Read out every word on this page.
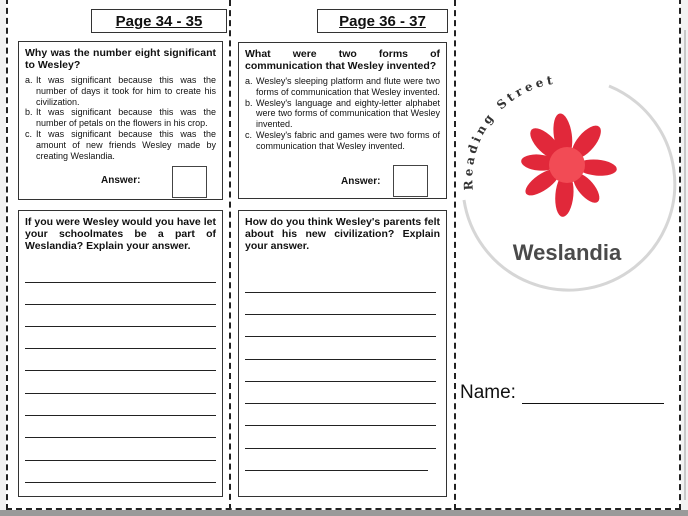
Page 34 - 35
Why was the number eight significant to Wesley?
a. It was significant because this was the number of days it took for him to create his civilization.
b. It was significant because this was the number of petals on the flowers in his crop.
c. It was significant because this was the amount of new friends Wesley made by creating Weslandia.
Answer:
If you were Wesley would you have let your schoolmates be a part of Weslandia? Explain your answer.
Page 36 - 37
What were two forms of communication that Wesley invented?
a. Wesley's sleeping platform and flute were two forms of communication that Wesley invented.
b. Wesley's language and eighty-letter alphabet were two forms of communication that Wesley invented.
c. Wesley's fabric and games were two forms of communication that Wesley invented.
Answer:
How do you think Wesley's parents felt about his new civilization? Explain your answer.
Reading Street
Weslandia
Name:
